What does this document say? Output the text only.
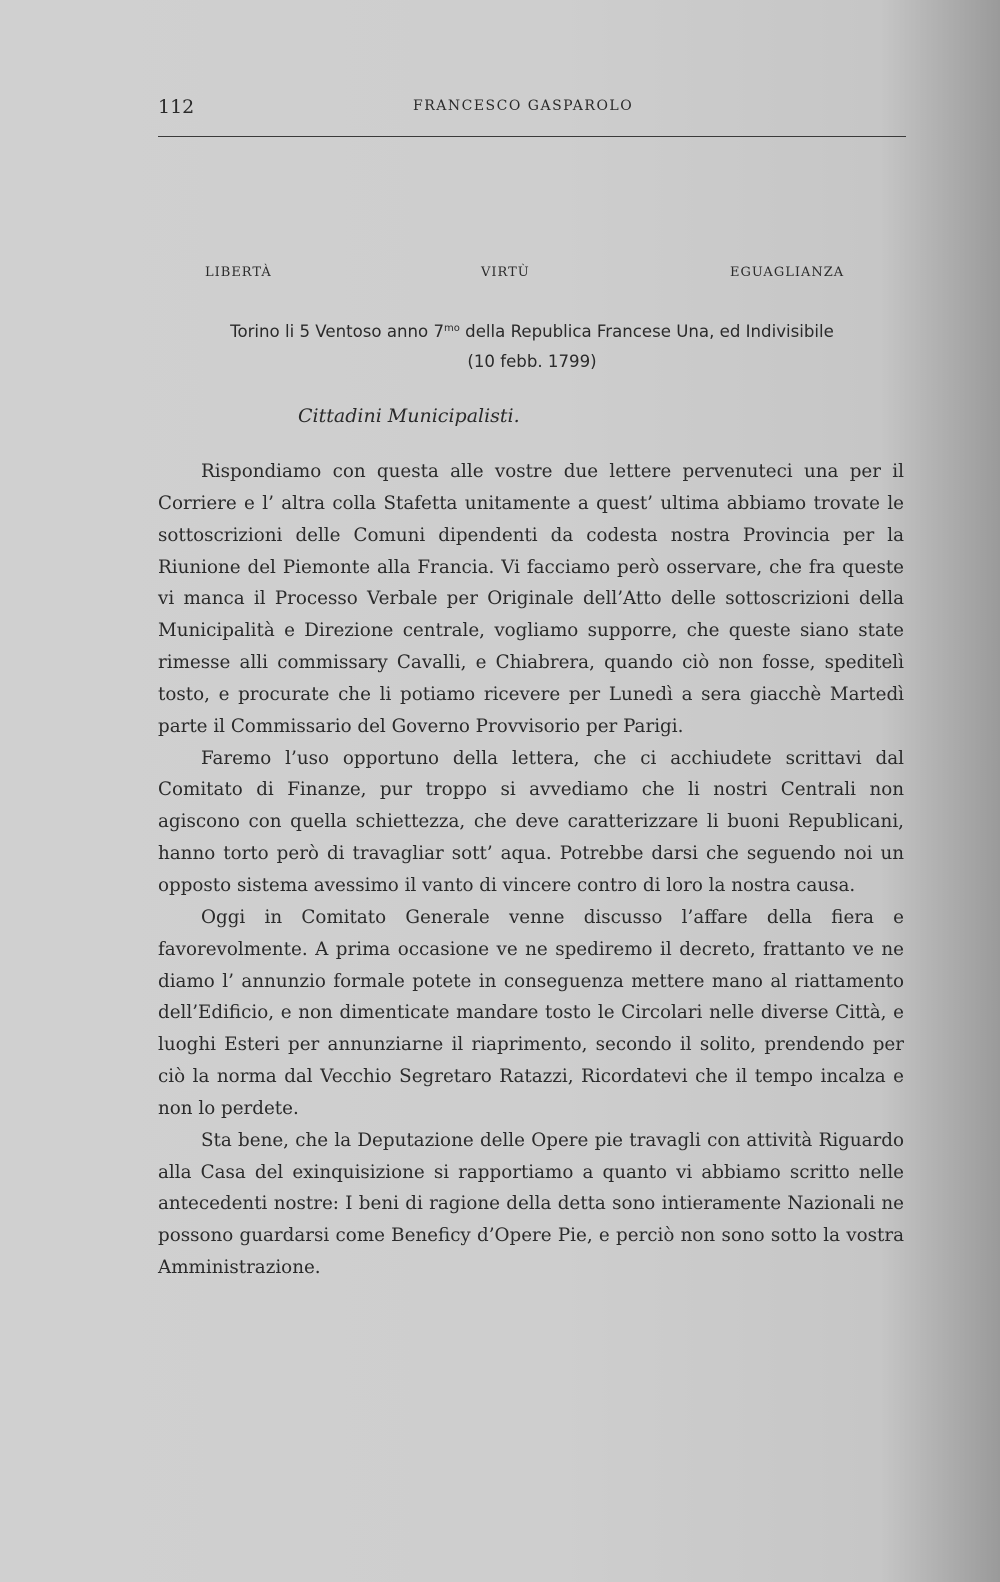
112	FRANCESCO GASPAROLO
LIBERTÀ	VIRTÙ	EGUAGLIANZA
Torino li 5 Ventoso anno $7^{mo}$ della Republica Francese Una, ed Indivisibile
(10 febb. 1799)
Cittadini Municipalisti.

Rispondiamo con questa alle vostre due lettere pervenuteci una per il Corriere e l’ altra colla Stafetta unitamente a quest’ ultima abbiamo trovate le sottoscrizioni delle Comuni dipendenti da codesta nostra Provincia per la Riunione del Piemonte alla Francia. Vi facciamo però osservare, che fra queste vi manca il Processo Verbale per Originale dell’Atto delle sottoscrizioni della Municipalità e Direzione centrale, vogliamo supporre, che queste siano state rimesse alli commissary Cavalli, e Chiabrera, quando ciò non fosse, speditelì tosto, e procurate che li potiamo ricevere per Lunedì a sera giacchè Martedì parte il Commissario del Governo Provvisorio per Parigi.

Faremo l’uso opportuno della lettera, che ci acchiudete scrittavi dal Comitato di Finanze, pur troppo si avvediamo che li nostri Centrali non agiscono con quella schiettezza, che deve caratterizzare li buoni Republicani, hanno torto però di travagliar sott’ aqua. Potrebbe darsi che seguendo noi un opposto sistema avessimo il vanto di vincere contro di loro la nostra causa.

Oggi in Comitato Generale venne discusso l’affare della fiera e favorevolmente. A prima occasione ve ne spediremo il decreto, frattanto ve ne diamo l’ annunzio formale potete in conseguenza mettere mano al riattamento dell’Edificio, e non dimenticate mandare tosto le Circolari nelle diverse Città, e luoghi Esteri per annunziarne il riaprimento, secondo il solito, prendendo per ciò la norma dal Vecchio Segretaro Ratazzi, Ricordatevi che il tempo incalza e non lo perdete.

Sta bene, che la Deputazione delle Opere pie travagli con attività Riguardo alla Casa del exinquisizione si rapportiamo a quanto vi abbiamo scritto nelle antecedenti nostre: I beni di ragione della detta sono intieramente Nazionali ne possono guardarsi come Beneficy d’Opere Pie, e perciò non sono sotto la vostra Amministrazione.
